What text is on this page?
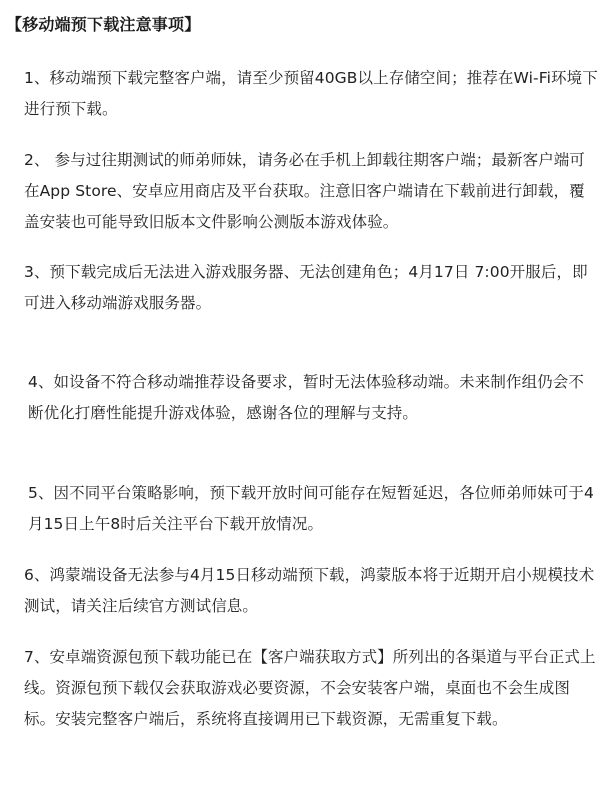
【移动端预下载注意事项】

1、移动端预下载完整客户端，请至少预留40GB以上存储空间；推荐在Wi-Fi环境下进行预下载。

2、 参与过往期测试的师弟师妹，请务必在手机上卸载往期客户端；最新客户端可在App Store、安卓应用商店及平台获取。注意旧客户端请在下载前进行卸载，覆盖安装也可能导致旧版本文件影响公测版本游戏体验。

3、预下载完成后无法进入游戏服务器、无法创建角色；4月17日 7:00开服后，即可进入移动端游戏服务器。

4、如设备不符合移动端推荐设备要求，暂时无法体验移动端。未来制作组仍会不断优化打磨性能提升游戏体验，感谢各位的理解与支持。

5、因不同平台策略影响，预下载开放时间可能存在短暂延迟，各位师弟师妹可于4月15日上午8时后关注平台下载开放情况。

6、鸿蒙端设备无法参与4月15日移动端预下载，鸿蒙版本将于近期开启小规模技术测试，请关注后续官方测试信息。

7、安卓端资源包预下载功能已在【客户端获取方式】所列出的各渠道与平台正式上线。资源包预下载仅会获取游戏必要资源，不会安装客户端，桌面也不会生成图标。安装完整客户端后，系统将直接调用已下载资源，无需重复下载。
